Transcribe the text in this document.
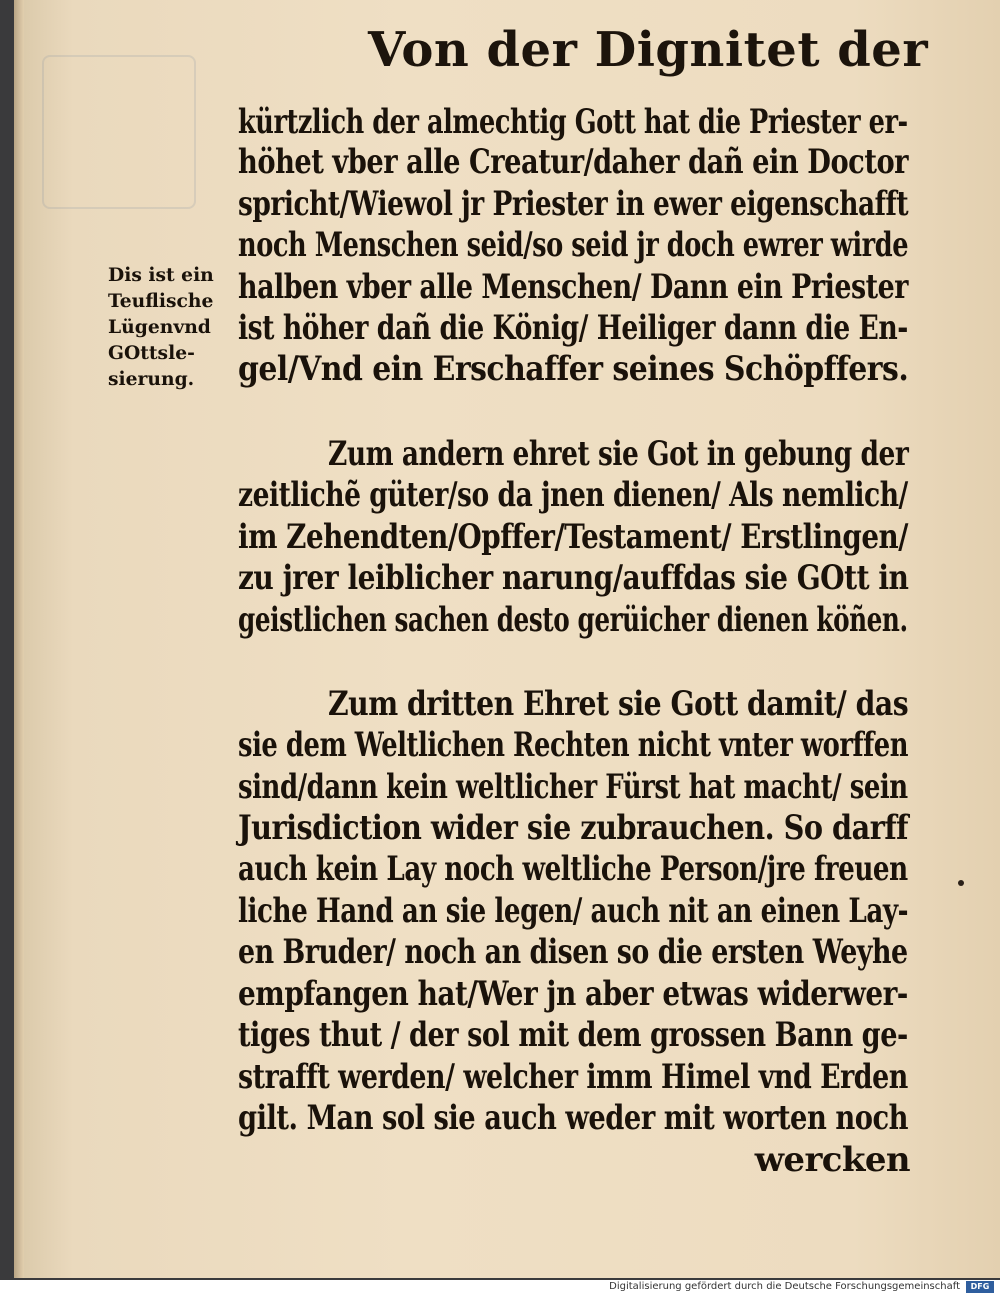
Von der Dignitet der
Dis ist ein
Teuflische
Lügenvnd
GOttsle-
sierung.
kürtzlich der almechtig Gott hat die Priester er-
höhet vber alle Creatur/daher dañ ein Doctor
spricht/Wiewol jr Priester in ewer eigenschafft
noch Menschen seid/so seid jr doch ewrer wirde
halben vber alle Menschen/ Dann ein Priester
ist höher dañ die König/ Heiliger dann die En-
gel/Vnd ein Erschaffer seines Schöpffers.
Zum andern ehret sie Got in gebung der
zeitlichẽ güter/so da jnen dienen/ Als nemlich/
im Zehendten/Opffer/Testament/ Erstlingen/
zu jrer leiblicher narung/auffdas sie GOtt in
geistlichen sachen desto gerüicher dienen köñen.
Zum dritten Ehret sie Gott damit/ das
sie dem Weltlichen Rechten nicht vnter worffen
sind/dann kein weltlicher Fürst hat macht/ sein
Jurisdiction wider sie zubrauchen. So darff
auch kein Lay noch weltliche Person/jre freuen
liche Hand an sie legen/ auch nit an einen Lay-
en Bruder/ noch an disen so die ersten Weyhe
empfangen hat/Wer jn aber etwas widerwer-
tiges thut / der sol mit dem grossen Bann ge-
strafft werden/ welcher imm Himel vnd Erden
gilt. Man sol sie auch weder mit worten noch
wercken
Digitalisierung gefördert durch die Deutsche Forschungsgemeinschaft	DFG
